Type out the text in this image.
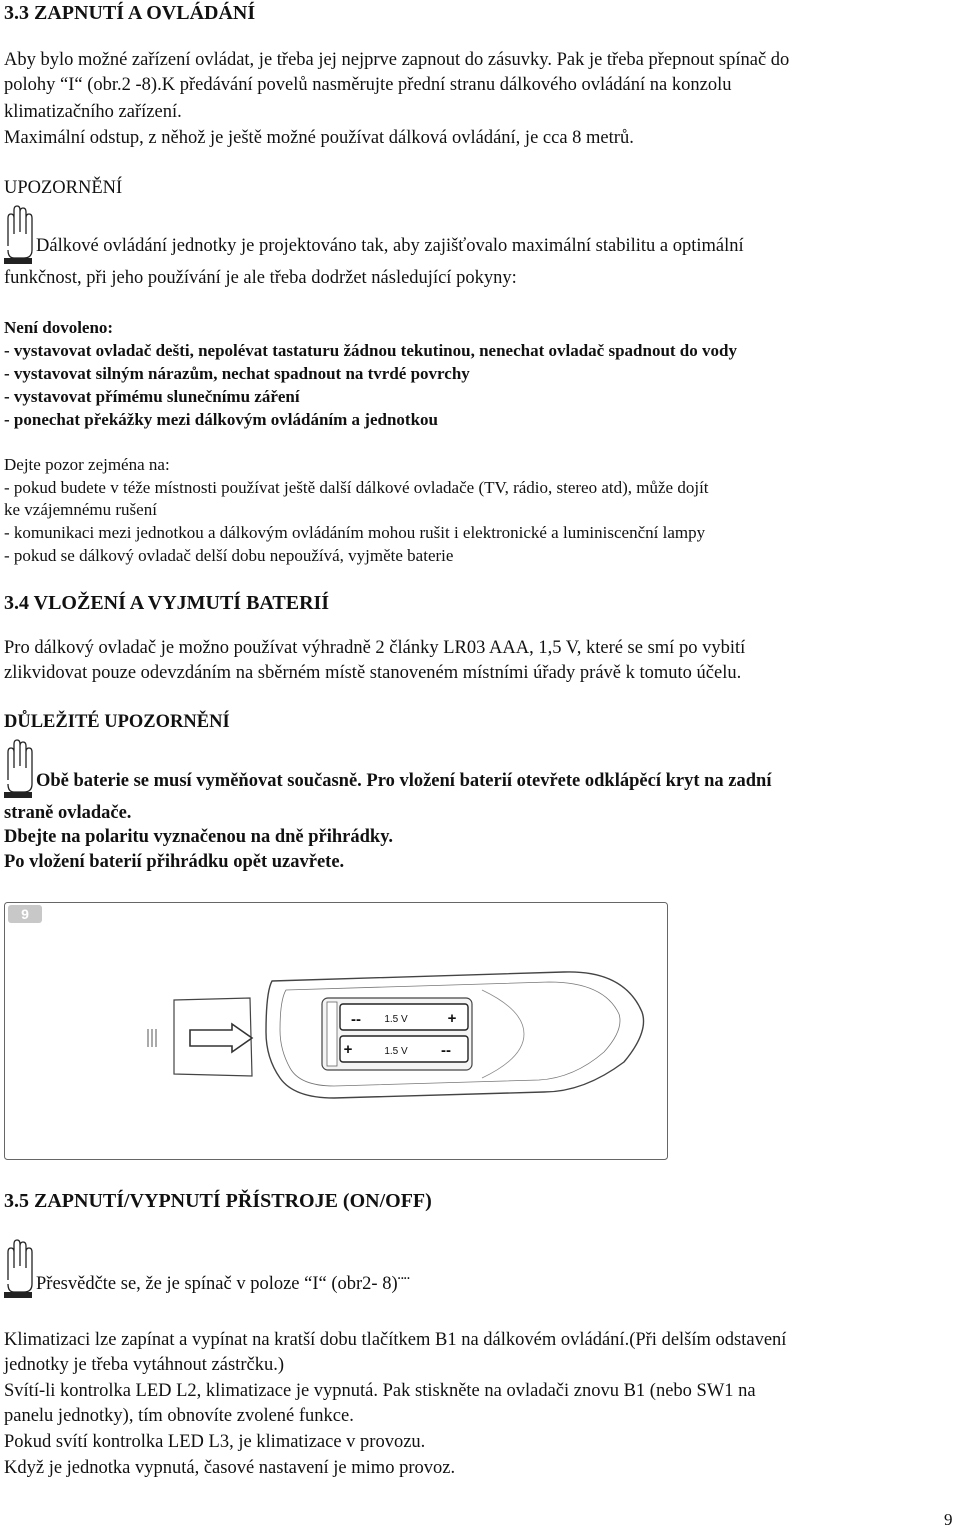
3.3 ZAPNUTÍ A OVLÁDÁNÍ
Aby bylo možné zařízení ovládat, je třeba jej nejprve zapnout do zásuvky. Pak je třeba přepnout spínač do
polohy “I“ (obr.2 -8).K předávání povelů nasměrujte přední stranu dálkového ovládání na konzolu
klimatizačního zařízení.
Maximální odstup, z něhož je ještě možné používat dálková ovládání, je cca 8 metrů.
UPOZORNĚNÍ
Dálkové ovládání jednotky je projektováno tak, aby zajišťovalo maximální stabilitu a optimální
funkčnost, při jeho používání je ale třeba dodržet následující pokyny:
Není dovoleno:
- vystavovat ovladač dešti, nepolévat tastaturu žádnou tekutinou, nenechat ovladač spadnout do vody
- vystavovat silným nárazům, nechat spadnout na tvrdé povrchy
- vystavovat přímému slunečnímu záření
- ponechat překážky mezi dálkovým ovládáním a jednotkou
Dejte pozor zejména na:
- pokud budete v téže místnosti používat ještě další dálkové ovladače (TV, rádio, stereo atd), může dojít
ke vzájemnému rušení
- komunikaci mezi jednotkou a dálkovým ovládáním mohou rušit i elektronické a luminiscenční lampy
- pokud se dálkový ovladač delší dobu nepoužívá, vyjměte baterie
3.4 VLOŽENÍ A VYJMUTÍ BATERIÍ
Pro dálkový ovladač je možno používat výhradně 2 články LR03 AAA, 1,5 V, které se smí po vybití
zlikvidovat pouze odevzdáním na sběrném místě stanoveném místními úřady právě k tomuto účelu.
DŮLEŽITÉ UPOZORNĚNÍ
Obě baterie se musí vyměňovat současně. Pro vložení baterií otevřete odklápěcí kryt na zadní
straně ovladače.
Dbejte na polaritu vyznačenou na dně přihrádky.
Po vložení baterií přihrádku opět uzavřete.
9
-- 1.5 V	+
+	1.5 V --
3.5 ZAPNUTÍ/VYPNUTÍ PŘÍSTROJE (ON/OFF)
Přesvědčte se, že je spínač v poloze “I“ (obr2- 8)¨¨
Klimatizaci lze zapínat a vypínat na kratší dobu tlačítkem B1 na dálkovém ovládání.(Při delším odstavení
jednotky je třeba vytáhnout zástrčku.)
Svítí-li kontrolka LED L2, klimatizace je vypnutá. Pak stiskněte na ovladači znovu B1 (nebo SW1 na
panelu jednotky), tím obnovíte zvolené funkce.
Pokud svítí kontrolka LED L3, je klimatizace v provozu.
Když je jednotka vypnutá, časové nastavení je mimo provoz.
9
